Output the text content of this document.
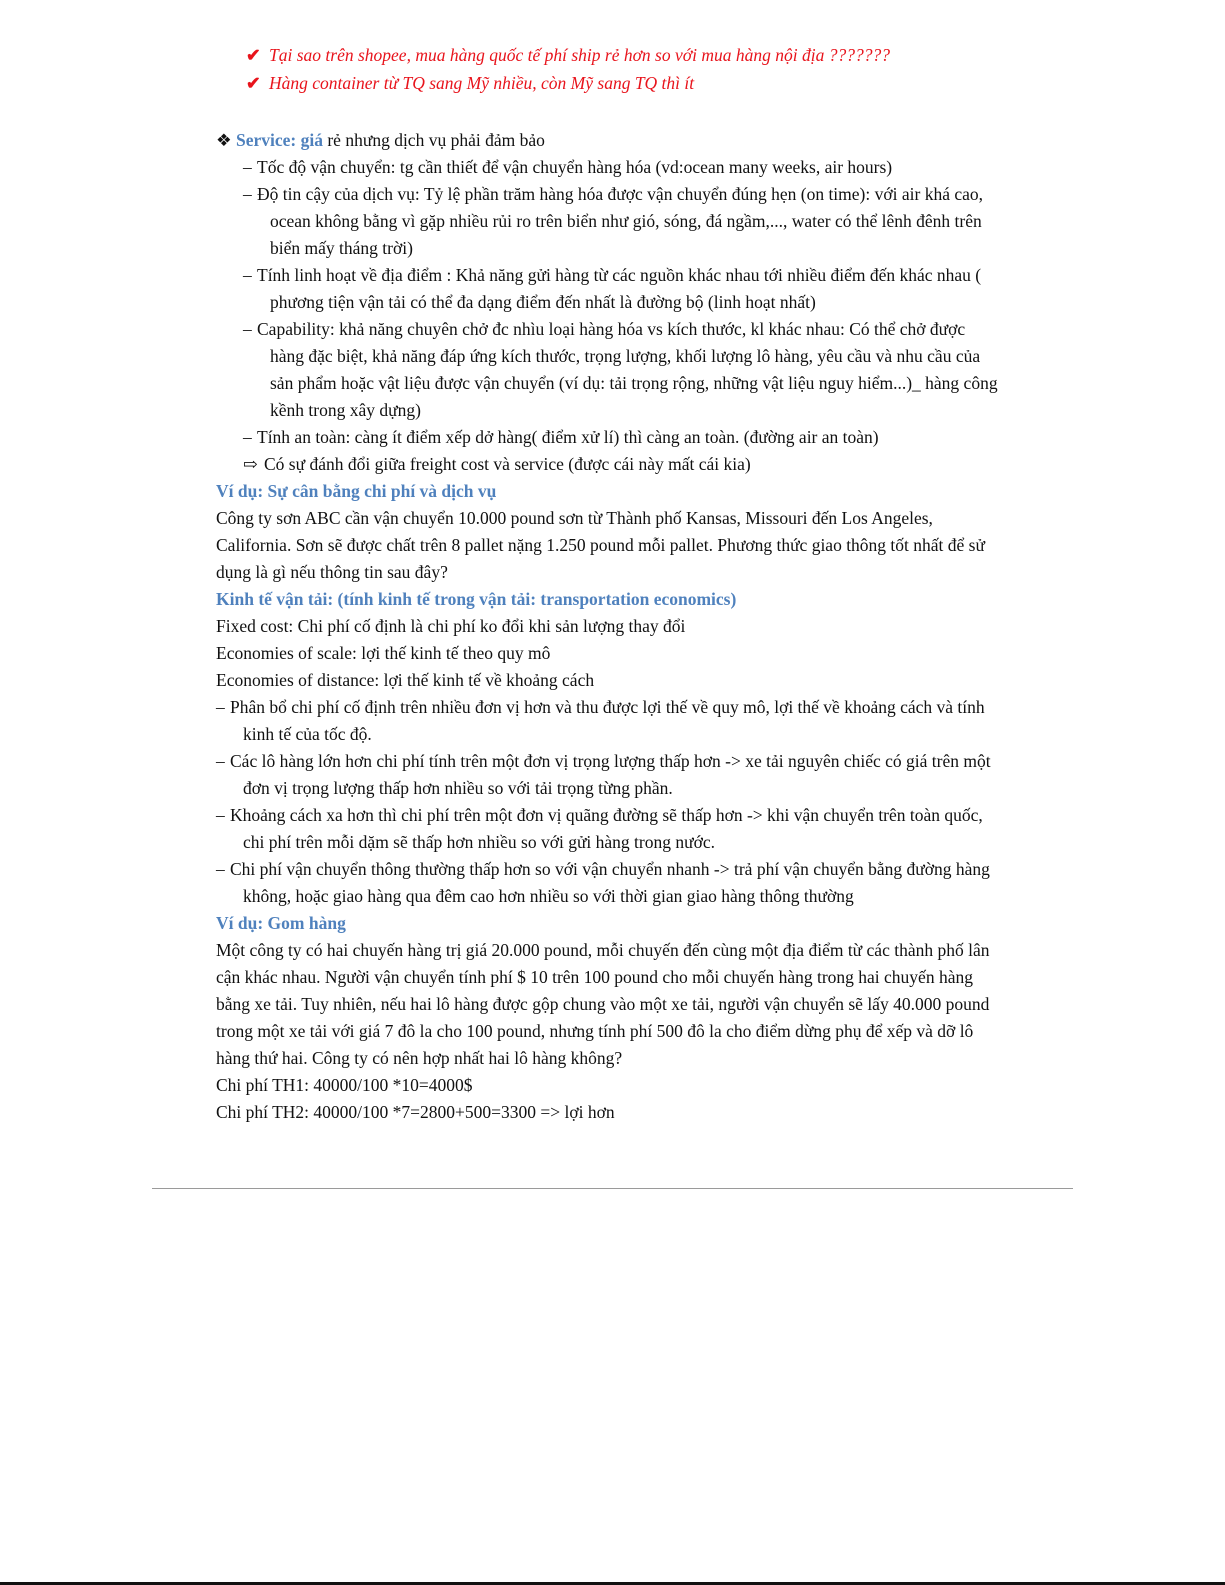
✔ Tại sao trên shopee, mua hàng quốc tế phí ship rẻ hơn so với mua hàng nội địa ???????
✔ Hàng container từ TQ sang Mỹ nhiều, còn Mỹ sang TQ thì ít
❖ Service: giá rẻ nhưng dịch vụ phải đảm bảo
– Tốc độ vận chuyển: tg cần thiết để vận chuyển hàng hóa (vd:ocean many weeks, air hours)
– Độ tin cậy của dịch vụ: Tỷ lệ phần trăm hàng hóa được vận chuyển đúng hẹn (on time): với air khá cao,
ocean không bằng vì gặp nhiều rủi ro trên biển như gió, sóng, đá ngầm,..., water có thể lênh đênh trên
biển mấy tháng trời)
– Tính linh hoạt về địa điểm : Khả năng gửi hàng từ các nguồn khác nhau tới nhiều điểm đến khác nhau (
phương tiện vận tải có thể đa dạng điểm đến nhất là đường bộ (linh hoạt nhất)
– Capability: khả năng chuyên chở đc nhìu loại hàng hóa vs kích thước, kl khác nhau: Có thể chở được
hàng đặc biệt, khả năng đáp ứng kích thước, trọng lượng, khối lượng lô hàng, yêu cầu và nhu cầu của
sản phẩm hoặc vật liệu được vận chuyển (ví dụ: tải trọng rộng, những vật liệu nguy hiểm...)_ hàng công
kềnh trong xây dựng)
– Tính an toàn: càng ít điểm xếp dở hàng( điểm xử lí) thì càng an toàn. (đường air an toàn)
⇨ Có sự đánh đổi giữa freight cost và service (được cái này mất cái kia)
Ví dụ: Sự cân bằng chi phí và dịch vụ
Công ty sơn ABC cần vận chuyển 10.000 pound sơn từ Thành phố Kansas, Missouri đến Los Angeles,
California. Sơn sẽ được chất trên 8 pallet nặng 1.250 pound mỗi pallet. Phương thức giao thông tốt nhất để sử
dụng là gì nếu thông tin sau đây?
Kinh tế vận tải: (tính kinh tế trong vận tải: transportation economics)
Fixed cost: Chi phí cố định là chi phí ko đổi khi sản lượng thay đổi
Economies of scale: lợi thế kinh tế theo quy mô
Economies of distance: lợi thế kinh tế về khoảng cách
– Phân bổ chi phí cố định trên nhiều đơn vị hơn và thu được lợi thế về quy mô, lợi thế về khoảng cách và tính
kinh tế của tốc độ.
– Các lô hàng lớn hơn chi phí tính trên một đơn vị trọng lượng thấp hơn -> xe tải nguyên chiếc có giá trên một
đơn vị trọng lượng thấp hơn nhiều so với tải trọng từng phần.
– Khoảng cách xa hơn thì chi phí trên một đơn vị quãng đường sẽ thấp hơn -> khi vận chuyển trên toàn quốc,
chi phí trên mỗi dặm sẽ thấp hơn nhiều so với gửi hàng trong nước.
– Chi phí vận chuyển thông thường thấp hơn so với vận chuyển nhanh -> trả phí vận chuyển bằng đường hàng
không, hoặc giao hàng qua đêm cao hơn nhiều so với thời gian giao hàng thông thường
Ví dụ: Gom hàng
Một công ty có hai chuyến hàng trị giá 20.000 pound, mỗi chuyến đến cùng một địa điểm từ các thành phố lân
cận khác nhau. Người vận chuyển tính phí $ 10 trên 100 pound cho mỗi chuyến hàng trong hai chuyến hàng
bằng xe tải. Tuy nhiên, nếu hai lô hàng được gộp chung vào một xe tải, người vận chuyển sẽ lấy 40.000 pound
trong một xe tải với giá 7 đô la cho 100 pound, nhưng tính phí 500 đô la cho điểm dừng phụ để xếp và dỡ lô
hàng thứ hai. Công ty có nên hợp nhất hai lô hàng không?
Chi phí TH1: 40000/100 *10=4000$
Chi phí TH2: 40000/100 *7=2800+500=3300 => lợi hơn
